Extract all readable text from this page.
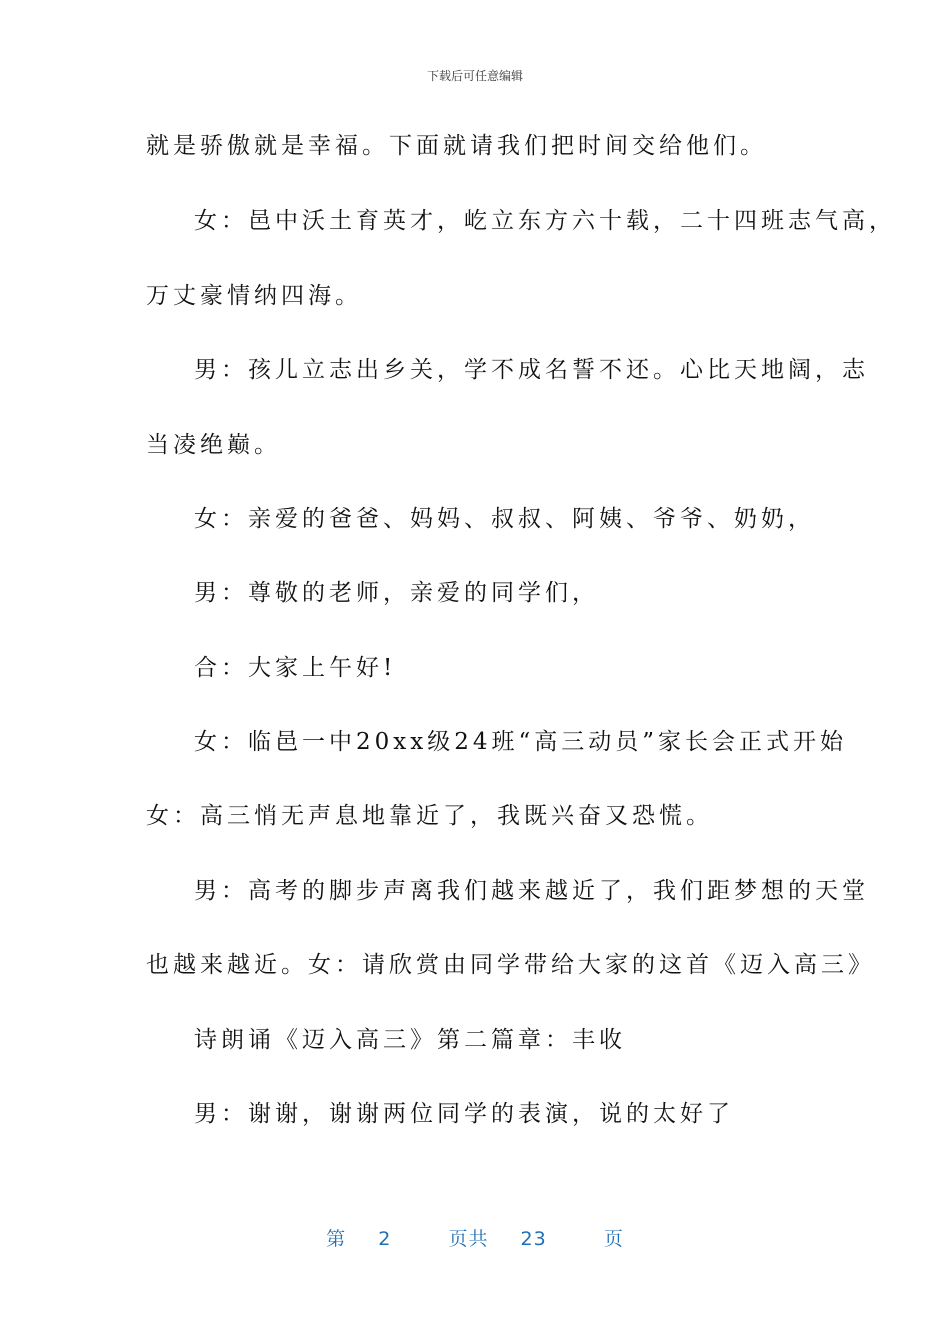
下载后可任意编辑
就是骄傲就是幸福。下面就请我们把时间交给他们。
女：邑中沃土育英才，屹立东方六十载，二十四班志气高，
万丈豪情纳四海。
男：孩儿立志出乡关，学不成名誓不还。心比天地阔，志
当凌绝巅。
女：亲爱的爸爸、妈妈、叔叔、阿姨、爷爷、奶奶，
男：尊敬的老师，亲爱的同学们，
合：大家上午好!
女：临邑一中20xx级24班“高三动员”家长会正式开始
女：高三悄无声息地靠近了，我既兴奋又恐慌。
男：高考的脚步声离我们越来越近了，我们距梦想的天堂
也越来越近。女：请欣赏由同学带给大家的这首《迈入高三》
诗朗诵《迈入高三》第二篇章：丰收
男：谢谢，谢谢两位同学的表演，说的太好了
第 2	页共 23	页
